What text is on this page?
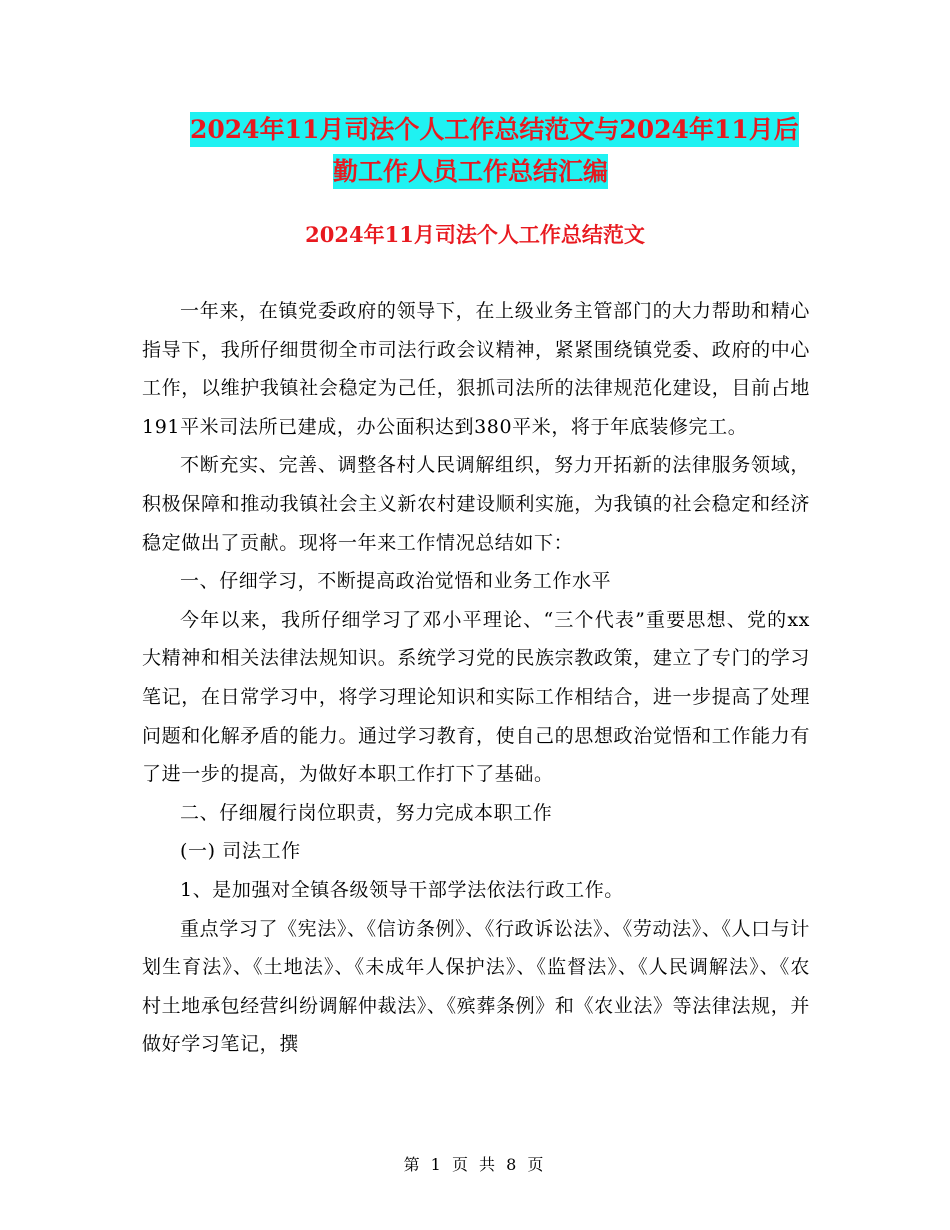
2024年11月司法个人工作总结范文与2024年11月后
勤工作人员工作总结汇编
2024年11月司法个人工作总结范文

一年来，在镇党委政府的领导下，在上级业务主管部门的大力帮助和精心指导下，我所仔细贯彻全市司法行政会议精神，紧紧围绕镇党委、政府的中心工作，以维护我镇社会稳定为己任，狠抓司法所的法律规范化建设，目前占地191平米司法所已建成，办公面积达到380平米，将于年底装修完工。

不断充实、完善、调整各村人民调解组织，努力开拓新的法律服务领域，积极保障和推动我镇社会主义新农村建设顺利实施，为我镇的社会稳定和经济稳定做出了贡献。现将一年来工作情况总结如下：

一、仔细学习，不断提高政治觉悟和业务工作水平

今年以来，我所仔细学习了邓小平理论、“三个代表”重要思想、党的xx大精神和相关法律法规知识。系统学习党的民族宗教政策，建立了专门的学习笔记，在日常学习中，将学习理论知识和实际工作相结合，进一步提高了处理问题和化解矛盾的能力。通过学习教育，使自己的思想政治觉悟和工作能力有了进一步的提高，为做好本职工作打下了基础。

二、仔细履行岗位职责，努力完成本职工作

(一) 司法工作

1、是加强对全镇各级领导干部学法依法行政工作。

重点学习了《宪法》、《信访条例》、《行政诉讼法》、《劳动法》、《人口与计划生育法》、《土地法》、《未成年人保护法》、《监督法》、《人民调解法》、《农村土地承包经营纠纷调解仲裁法》、《殡葬条例》和《农业法》等法律法规，并做好学习笔记，撰

第 1 页 共 8 页
